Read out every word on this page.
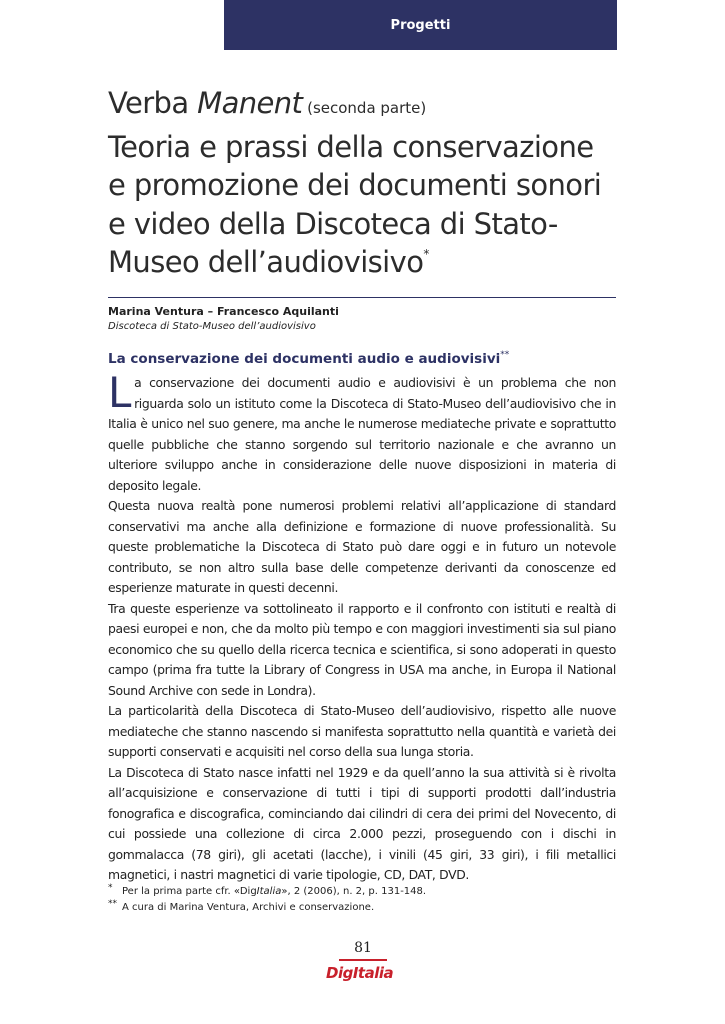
Progetti
Verba Manent (seconda parte)
Teoria e prassi della conservazione
e promozione dei documenti sonori
e video della Discoteca di Stato-
Museo dell’audiovisivo*
Marina Ventura – Francesco Aquilanti
Discoteca di Stato-Museo dell’audiovisivo
La conservazione dei documenti audio e audiovisivi**

La conservazione dei documenti audio e audiovisivi è un problema che non riguarda solo un istituto come la Discoteca di Stato-Museo dell’audiovisivo che in Italia è unico nel suo genere, ma anche le numerose mediateche private e soprattutto quelle pubbliche che stanno sorgendo sul territorio nazionale e che avranno un ulteriore sviluppo anche in considerazione delle nuove disposizioni in materia di deposito legale.

Questa nuova realtà pone numerosi problemi relativi all’applicazione di standard conservativi ma anche alla definizione e formazione di nuove professionalità. Su queste problematiche la Discoteca di Stato può dare oggi e in futuro un notevole contributo, se non altro sulla base delle competenze derivanti da conoscenze ed esperienze maturate in questi decenni.

Tra queste esperienze va sottolineato il rapporto e il confronto con istituti e realtà di paesi europei e non, che da molto più tempo e con maggiori investimenti sia sul piano economico che su quello della ricerca tecnica e scientifica, si sono adoperati in questo campo (prima fra tutte la Library of Congress in USA ma anche, in Europa il National Sound Archive con sede in Londra).

La particolarità della Discoteca di Stato-Museo dell’audiovisivo, rispetto alle nuove mediateche che stanno nascendo si manifesta soprattutto nella quantità e varietà dei supporti conservati e acquisiti nel corso della sua lunga storia.

La Discoteca di Stato nasce infatti nel 1929 e da quell’anno la sua attività si è rivolta all’acquisizione e conservazione di tutti i tipi di supporti prodotti dall’industria fonografica e discografica, cominciando dai cilindri di cera dei primi del Novecento, di cui possiede una collezione di circa 2.000 pezzi, proseguendo con i dischi in gommalacca (78 giri), gli acetati (lacche), i vinili (45 giri, 33 giri), i fili metallici magnetici, i nastri magnetici di varie tipologie, CD, DAT, DVD.

* Per la prima parte cfr. «DigItalia», 2 (2006), n. 2, p. 131-148.
** A cura di Marina Ventura, Archivi e conservazione.
81
DigItalia
